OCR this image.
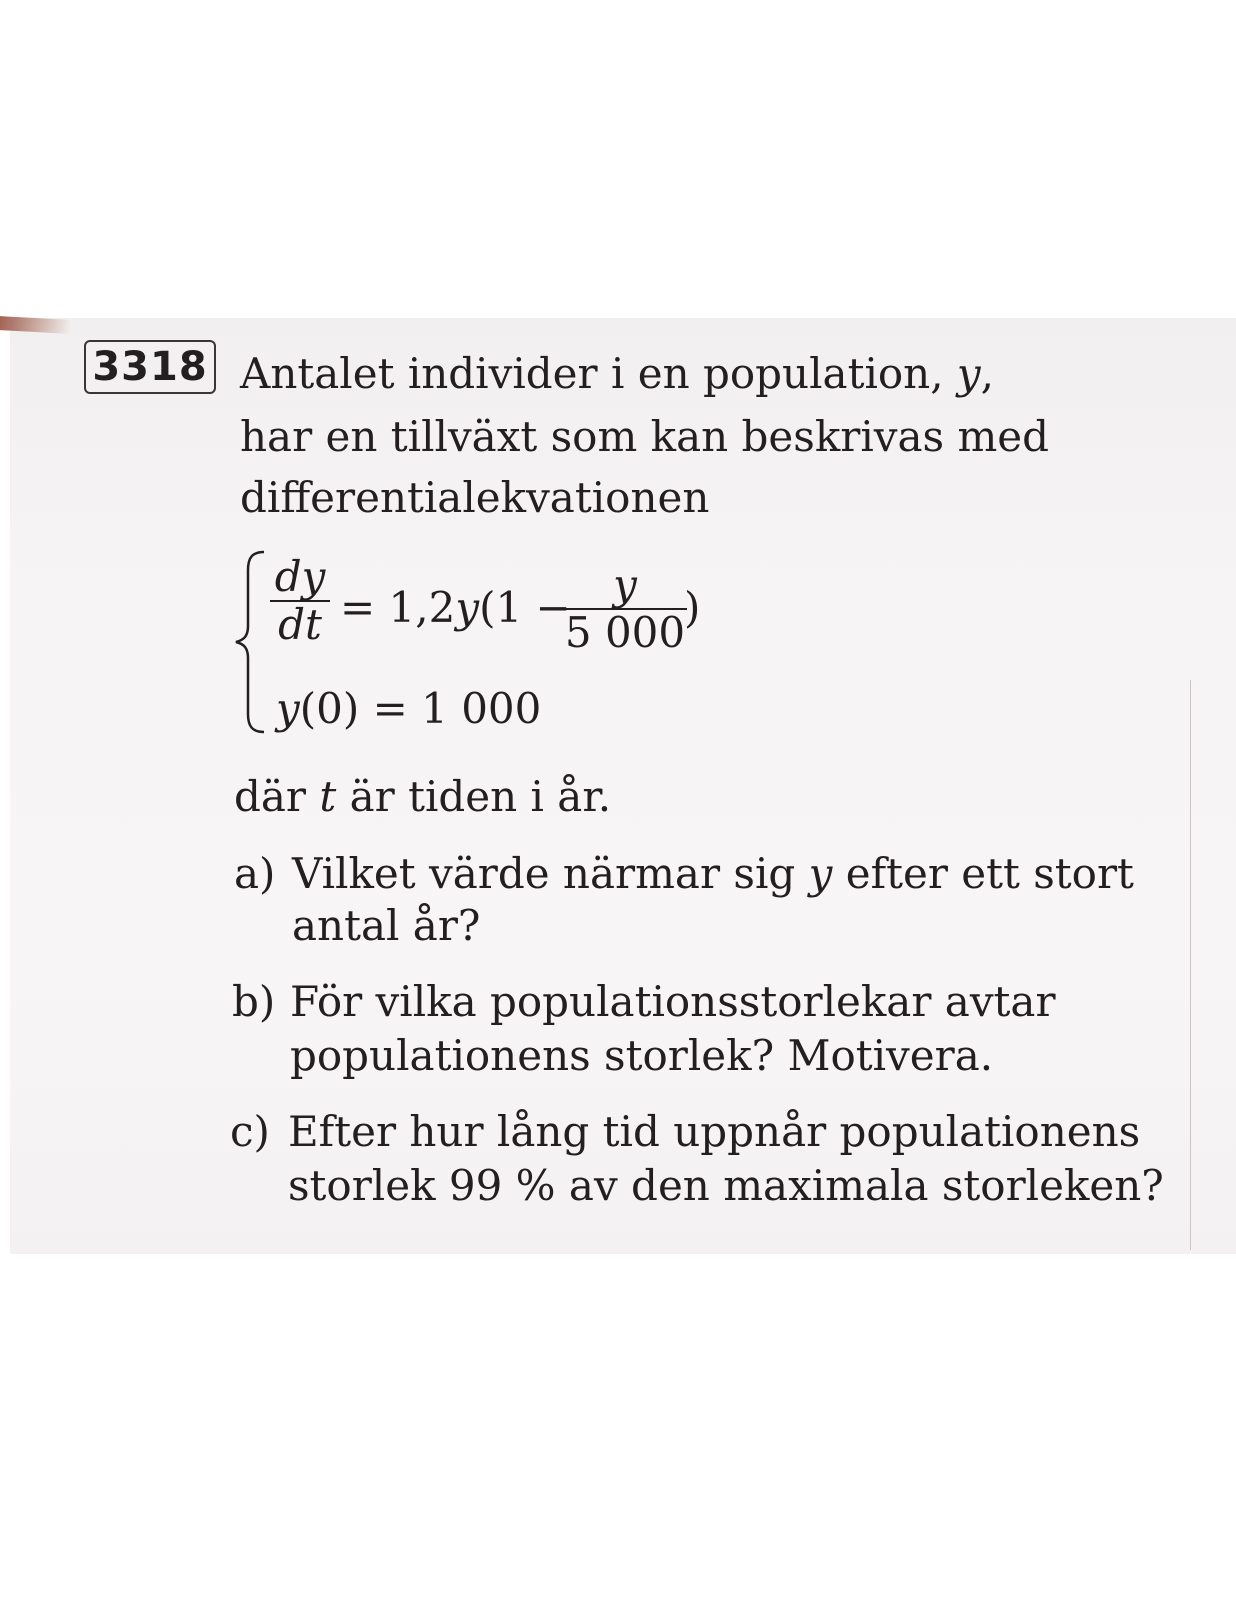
3318 Antalet individer i en population, y,
har en tillväxt som kan beskrivas med
differentialekvationen
$\frac{dy}{dt} = 1,2y(1$ −
$\frac{y}{5 000}$
)
y(0) = 1 000
där t är tiden i år.
a) Vilket värde närmar sig y efter ett stort
antal år?
b) För vilka populationsstorlekar avtar
populationens storlek? Motivera.
c) Efter hur lång tid uppnår populationens
storlek 99 % av den maximala storleken?
